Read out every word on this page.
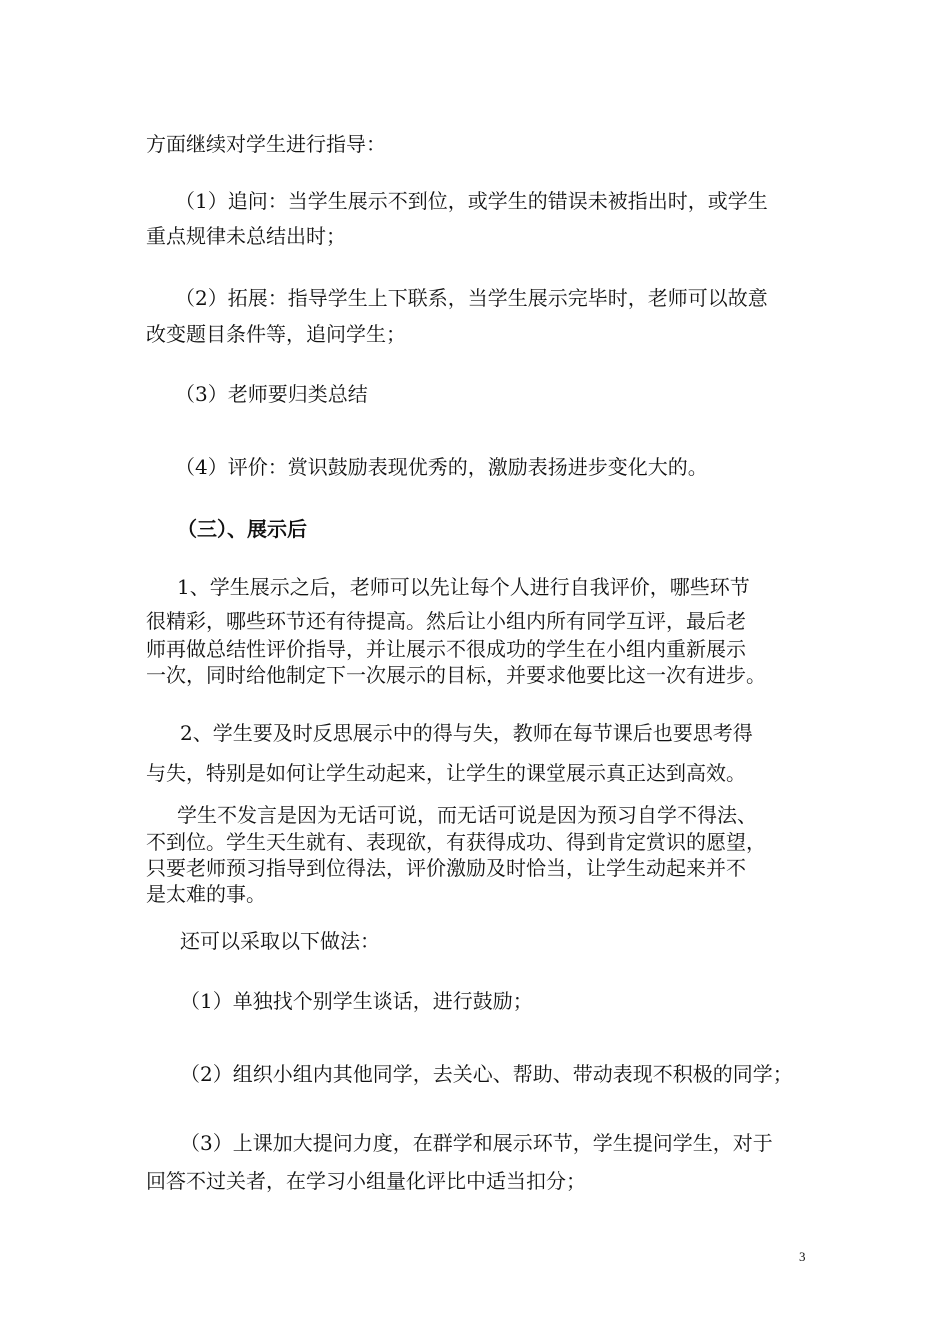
方面继续对学生进行指导：

（1）追问：当学生展示不到位，或学生的错误未被指出时，或学生

重点规律未总结出时；

（2）拓展：指导学生上下联系，当学生展示完毕时，老师可以故意

改变题目条件等，追问学生；

（3）老师要归类总结

（4）评价：赏识鼓励表现优秀的，激励表扬进步变化大的。

（三）、展示后

1、学生展示之后，老师可以先让每个人进行自我评价，哪些环节

很精彩，哪些环节还有待提高。然后让小组内所有同学互评，最后老

师再做总结性评价指导，并让展示不很成功的学生在小组内重新展示

一次，同时给他制定下一次展示的目标，并要求他要比这一次有进步。

2、学生要及时反思展示中的得与失，教师在每节课后也要思考得

与失，特别是如何让学生动起来，让学生的课堂展示真正达到高效。

学生不发言是因为无话可说，而无话可说是因为预习自学不得法、

不到位。学生天生就有、表现欲，有获得成功、得到肯定赏识的愿望，

只要老师预习指导到位得法，评价激励及时恰当，让学生动起来并不

是太难的事。

还可以采取以下做法：

（1）单独找个别学生谈话，进行鼓励；

（2）组织小组内其他同学，去关心、帮助、带动表现不积极的同学；

（3）上课加大提问力度，在群学和展示环节，学生提问学生，对于

回答不过关者，在学习小组量化评比中适当扣分；

3
